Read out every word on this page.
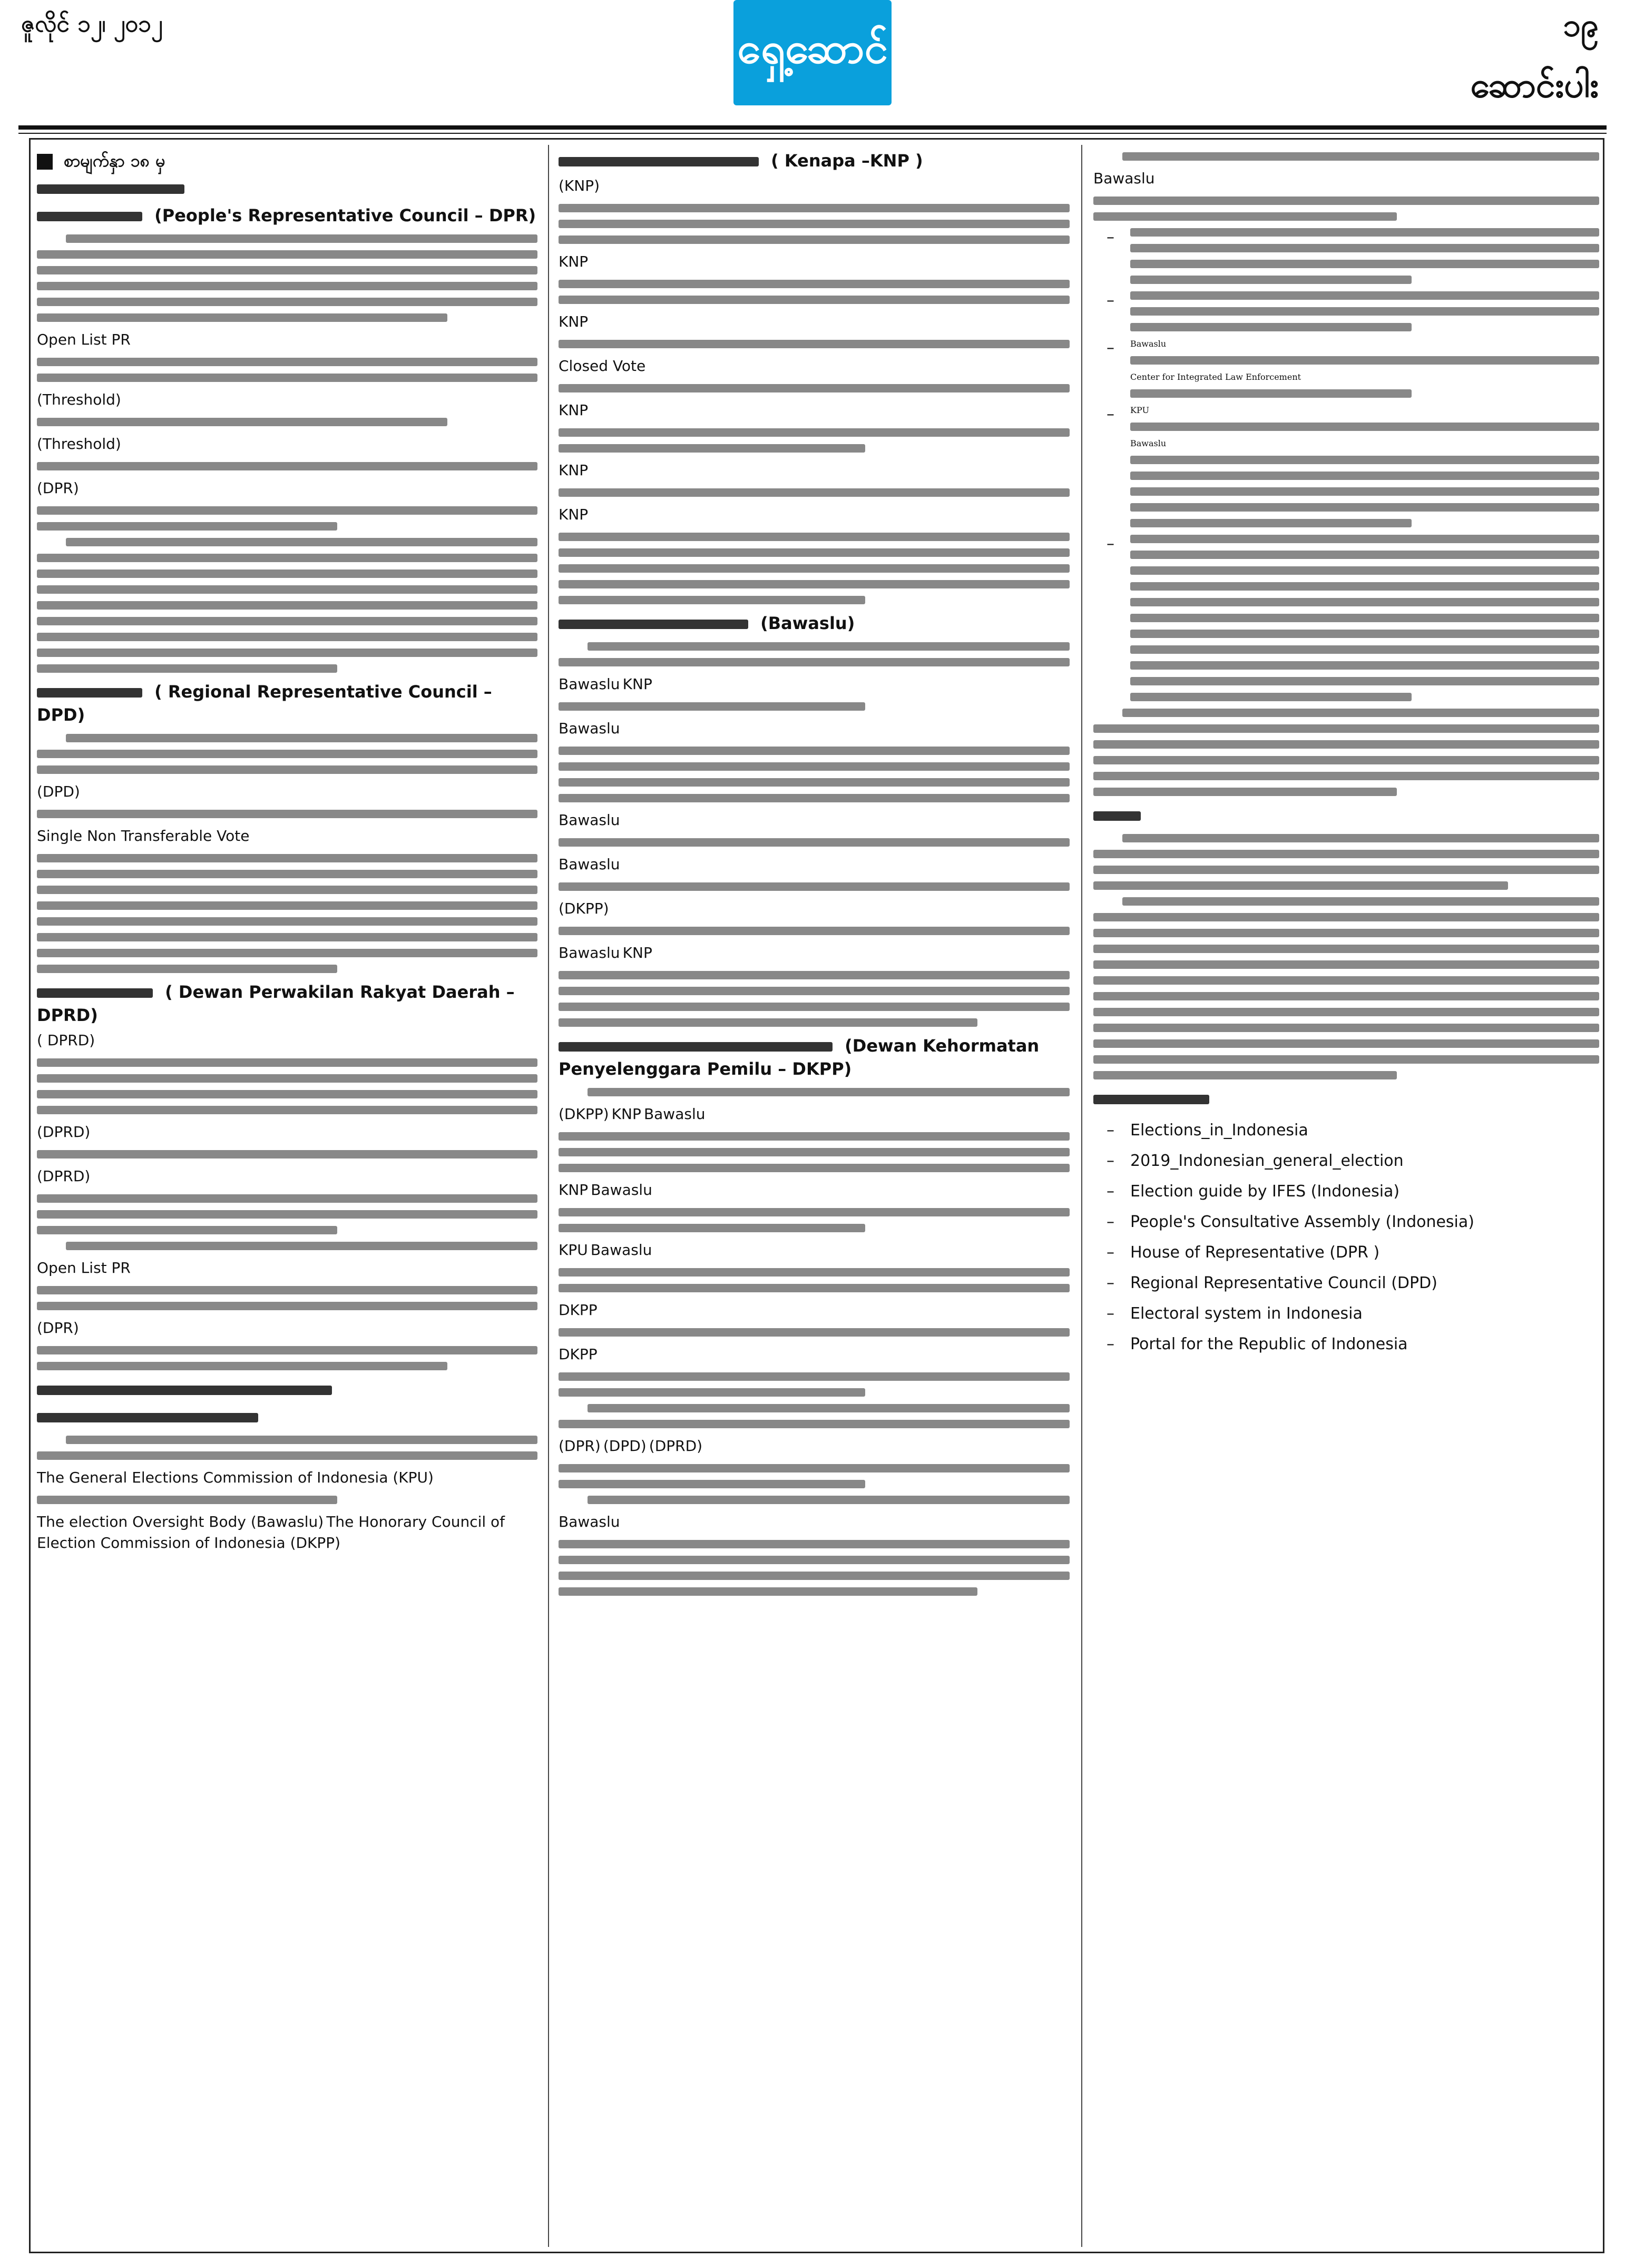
ဇူလိုင် ၁၂၊ ၂၀၁၂	ရှေ့ဆောင်	၁၉
ဆောင်းပါး
စာမျက်နှာ ၁၈ မှ
(People's Representative Council – DPR)
Open List PR
(Threshold)
(Threshold)
(DPR)
( Regional Representative Council – DPD)
(DPD)
Single Non Transferable Vote
( Dewan Perwakilan Rakyat Daerah – DPRD)
( DPRD)
(DPRD)
(DPRD)
Open List PR
(DPR)
The General Elections Commission of Indonesia (KPU)
The election Oversight Body (Bawaslu) The Honorary Council of Election Commission of Indonesia (DKPP)
( Kenapa –KNP )
(KNP)
KNP
KNP
Closed Vote
KNP
KNP
KNP
(Bawaslu)
Bawaslu KNP
Bawaslu
Bawaslu
Bawaslu
(DKPP)
Bawaslu KNP
(Dewan Kehormatan Penyelenggara Pemilu – DKPP)
(DKPP) KNP Bawaslu
KNP Bawaslu
KPU Bawaslu
DKPP
DKPP
(DPR) (DPD) (DPRD)
Bawaslu
Bawaslu
–
–
– Bawaslu
Center for Integrated Law Enforcement
– KPU
Bawaslu
–
– Elections_in_Indonesia
– 2019_Indonesian_general_election
– Election guide by IFES (Indonesia)
– People's Consultative Assembly (Indonesia)
– House of Representative (DPR )
– Regional Representative Council (DPD)
– Electoral system in Indonesia
– Portal for the Republic of Indonesia
